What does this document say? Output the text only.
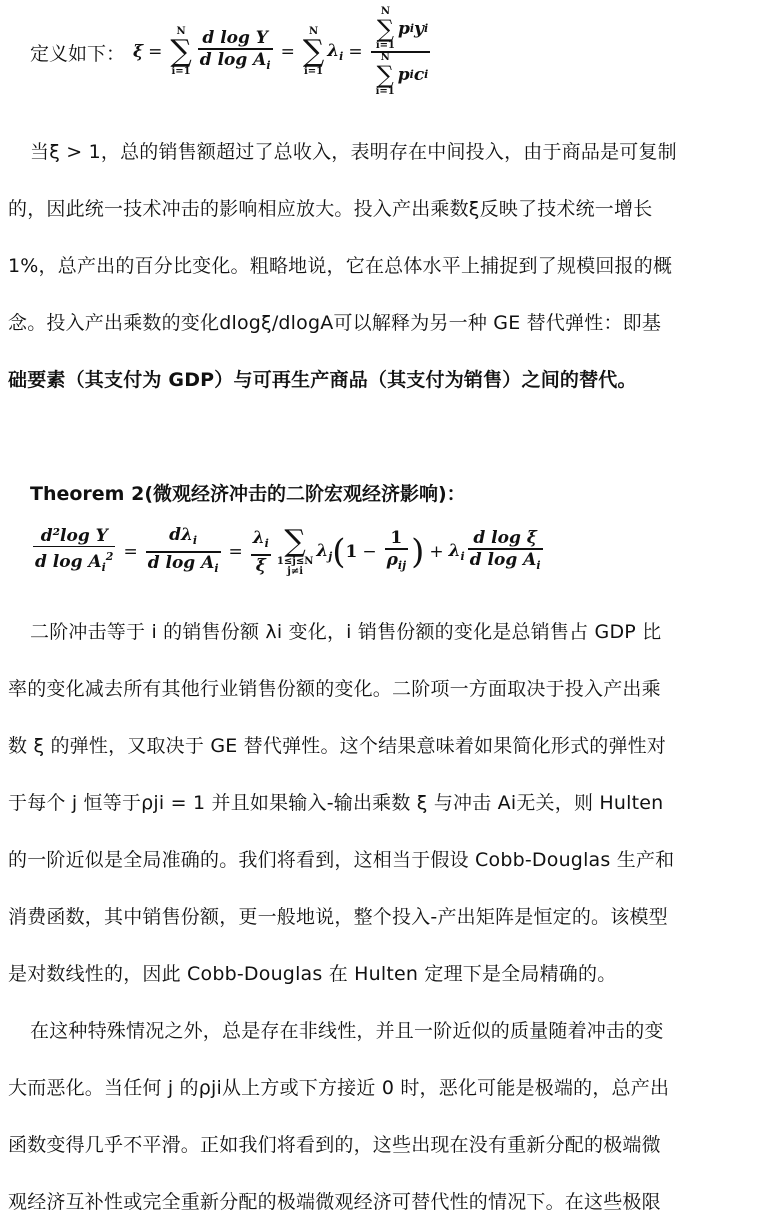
定义如下： ξ =
N
∑
$i=1 \frac{\text{d log Υ}}{d \log A_i}$ =
N
∑
i=1
$\lambda_i = N$
∑
i=1
p i y i
N
∑
i=1
p i c i
当ξ > 1，总的销售额超过了总收入，表明存在中间投入，由于商品是可复制
的，因此统一技术冲击的影响相应放大。投入产出乘数ξ反映了技术统一增长
1%，总产出的百分比变化。粗略地说，它在总体水平上捕捉到了规模回报的概
念。投入产出乘数的变化dlogξ/dlogA可以解释为另一种 GE 替代弹性：即基
础要素（其支付为 GDP）与可再生产商品（其支付为销售）之间的替代。
Theorem 2(微观经济冲击的二阶宏观经济影响)：
$\frac{\text{d²log Υ}}{d \log A_i^2} = \frac{d\lambda_i}{d \log A_i} = \frac{\lambda_i}{\xi}$ ∑
1≤j≤N
j≠i
$\lambda_j$ ( $1 - \frac{1}{\rho_{ij}}$ ) + $\lambda_i \frac{\text{d log ξ}}{d \log A_i}$
二阶冲击等于 i 的销售份额 λi 变化，i 销售份额的变化是总销售占 GDP 比
率的变化减去所有其他行业销售份额的变化。二阶项一方面取决于投入产出乘
数 ξ 的弹性，又取决于 GE 替代弹性。这个结果意味着如果简化形式的弹性对
于每个 j 恒等于ρji = 1 并且如果输入-输出乘数 ξ 与冲击 Ai无关，则 Hulten
的一阶近似是全局准确的。我们将看到，这相当于假设 Cobb-Douglas 生产和
消费函数，其中销售份额，更一般地说，整个投入-产出矩阵是恒定的。该模型
是对数线性的，因此 Cobb-Douglas 在 Hulten 定理下是全局精确的。
在这种特殊情况之外，总是存在非线性，并且一阶近似的质量随着冲击的变
大而恶化。当任何 j 的ρji从上方或下方接近 0 时，恶化可能是极端的，总产出
函数变得几乎不平滑。正如我们将看到的，这些出现在没有重新分配的极端微
观经济互补性或完全重新分配的极端微观经济可替代性的情况下。在这些极限
